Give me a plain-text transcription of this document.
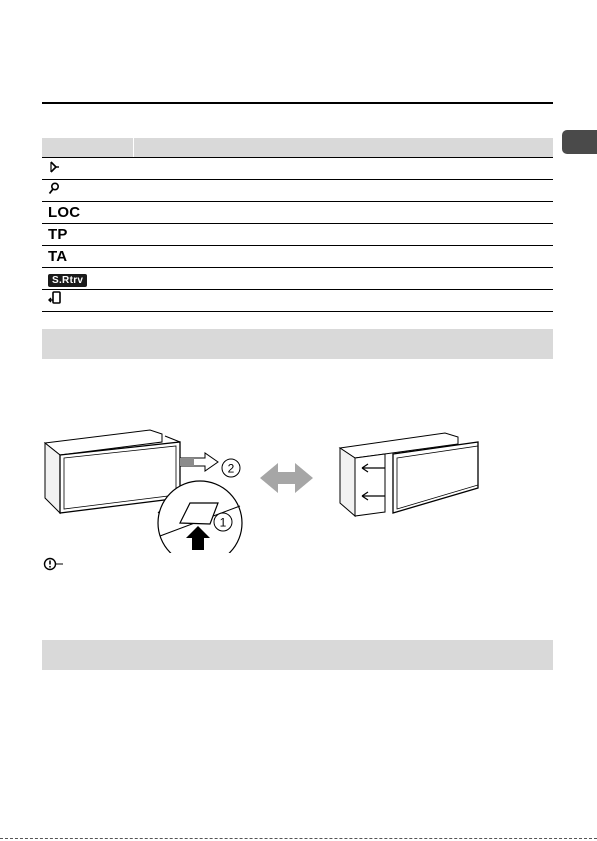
LOC	
TP	
TA	
S.Rtrv	

2
1
